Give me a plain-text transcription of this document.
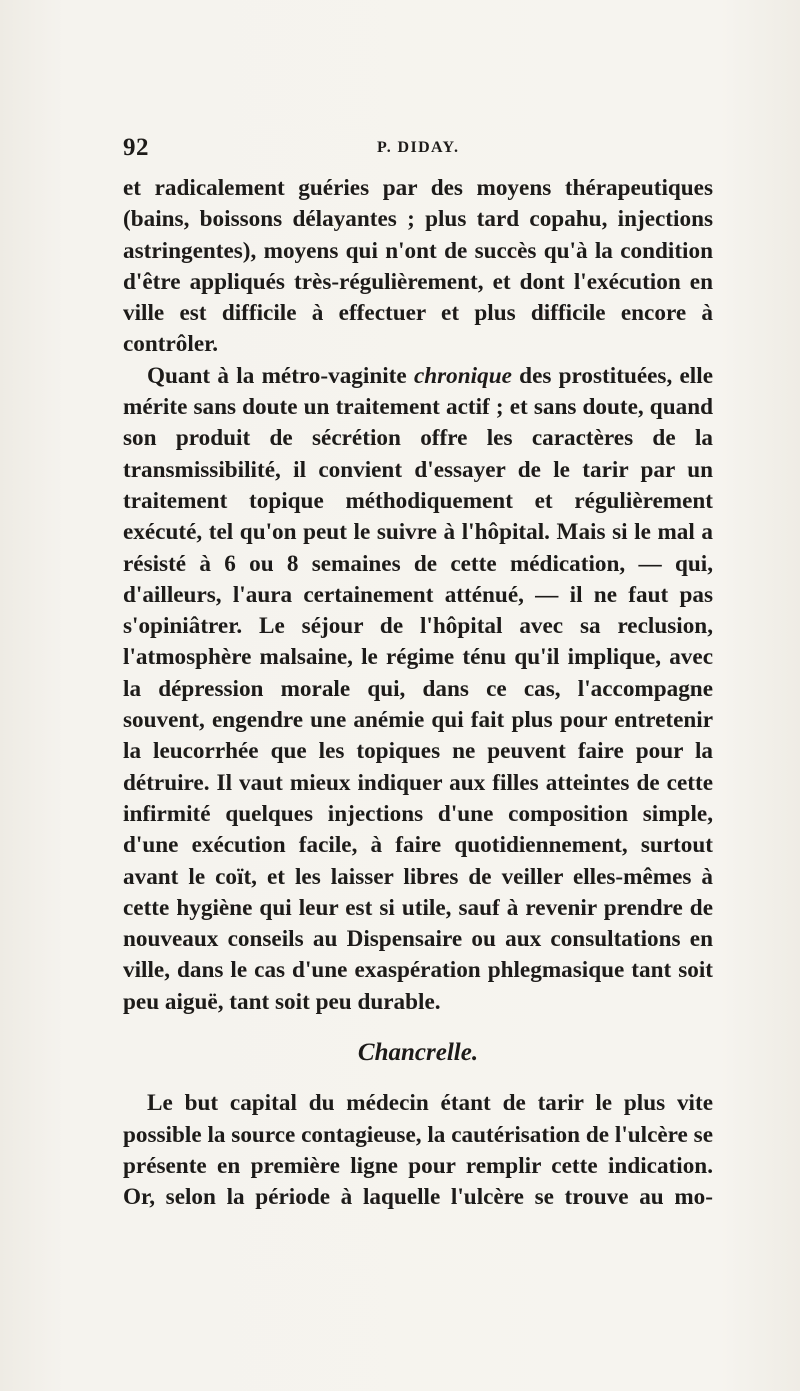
92	P. DIDAY.

et radicalement guéries par des moyens thérapeutiques (bains, boissons délayantes ; plus tard copahu, injections astringentes), moyens qui n'ont de succès qu'à la condition d'être appliqués très-régulièrement, et dont l'exécution en ville est difficile à effectuer et plus difficile encore à contrôler.

Quant à la métro-vaginite chronique des prostituées, elle mérite sans doute un traitement actif ; et sans doute, quand son produit de sécrétion offre les caractères de la transmissibilité, il convient d'essayer de le tarir par un traitement topique méthodiquement et régulièrement exécuté, tel qu'on peut le suivre à l'hôpital. Mais si le mal a résisté à 6 ou 8 semaines de cette médication, — qui, d'ailleurs, l'aura certainement atténué, — il ne faut pas s'opiniâtrer. Le séjour de l'hôpital avec sa reclusion, l'atmosphère malsaine, le régime ténu qu'il implique, avec la dépression morale qui, dans ce cas, l'accompagne souvent, engendre une anémie qui fait plus pour entretenir la leucorrhée que les topiques ne peuvent faire pour la détruire. Il vaut mieux indiquer aux filles atteintes de cette infirmité quelques injections d'une composition simple, d'une exécution facile, à faire quotidiennement, surtout avant le coït, et les laisser libres de veiller elles-mêmes à cette hygiène qui leur est si utile, sauf à revenir prendre de nouveaux conseils au Dispensaire ou aux consultations en ville, dans le cas d'une exaspération phlegmasique tant soit peu aiguë, tant soit peu durable.

Chancrelle.

Le but capital du médecin étant de tarir le plus vite possible la source contagieuse, la cautérisation de l'ulcère se présente en première ligne pour remplir cette indication. Or, selon la période à laquelle l'ulcère se trouve au mo-
